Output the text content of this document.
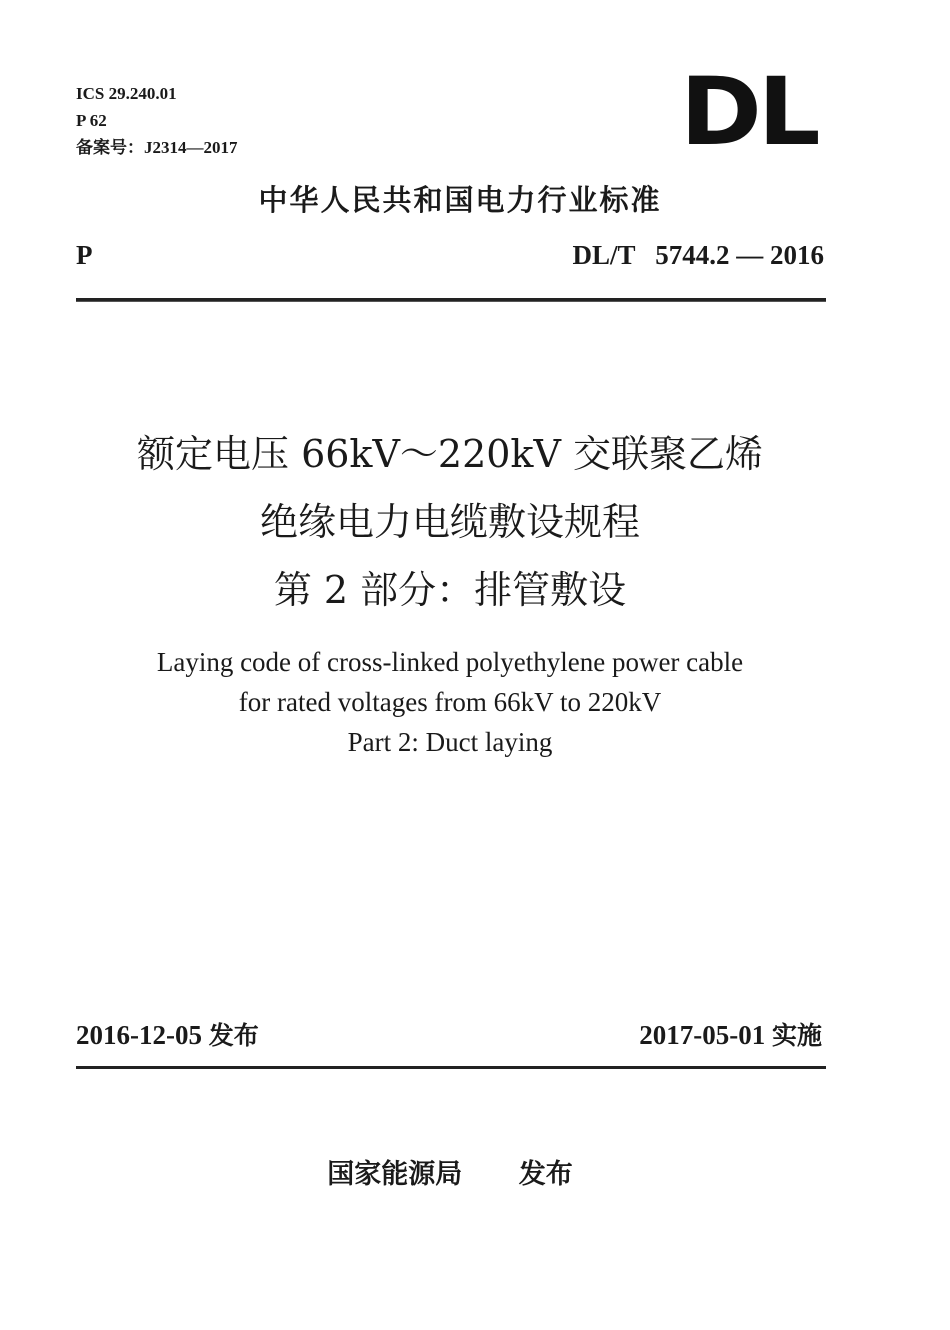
ICS 29.240.01
P 62
备案号：J2314—2017	DL
中华人民共和国电力行业标准
P	DL/T   5744.2 — 2016
额定电压 66kV～220kV 交联聚乙烯
绝缘电力电缆敷设规程
第 2 部分：排管敷设
Laying code of cross-linked polyethylene power cable
for rated voltages from 66kV to 220kV
Part 2: Duct laying
2016-12-05 发布	2017-05-01 实施
国家能源局 发布
